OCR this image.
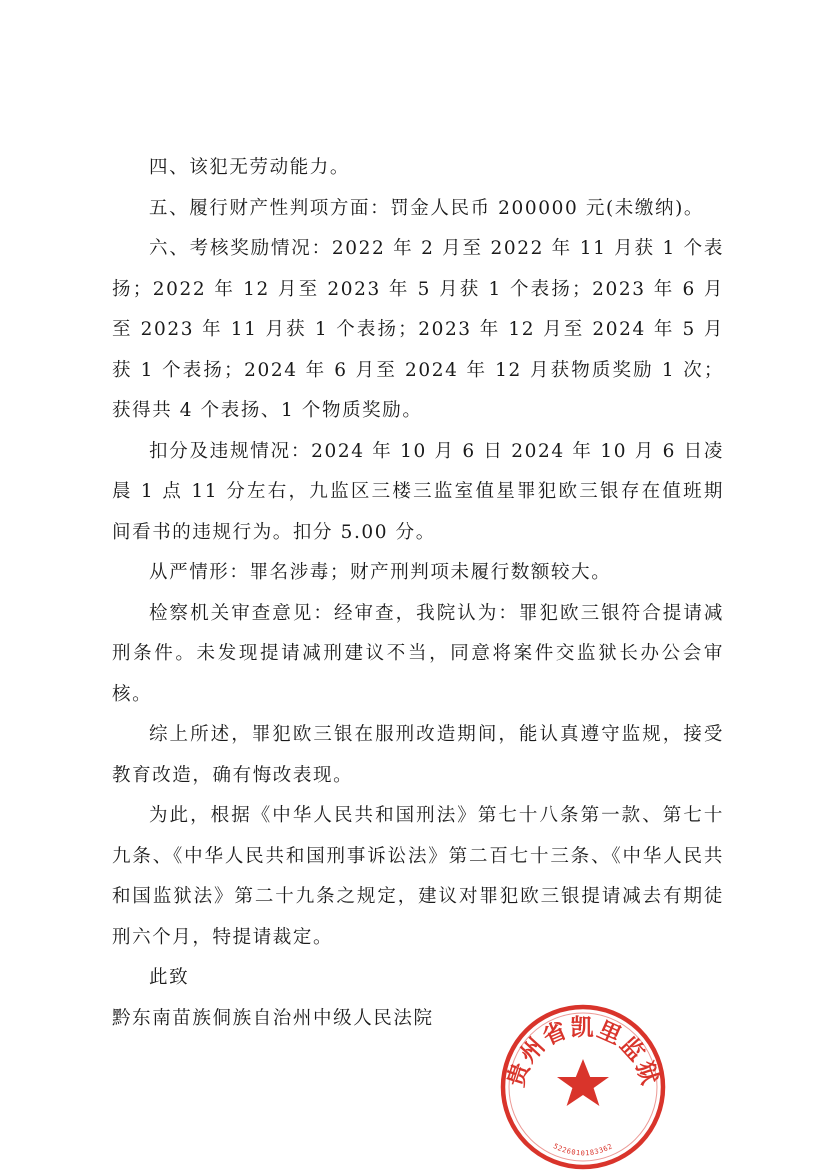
四、该犯无劳动能力。

五、履行财产性判项方面：罚金人民币 200000 元(未缴纳)。

六、考核奖励情况：2022 年 2 月至 2022 年 11 月获 1 个表扬；2022 年 12 月至 2023 年 5 月获 1 个表扬；2023 年 6 月至 2023 年 11 月获 1 个表扬；2023 年 12 月至 2024 年 5 月获 1 个表扬；2024 年 6 月至 2024 年 12 月获物质奖励 1 次；获得共 4 个表扬、1 个物质奖励。

扣分及违规情况：2024 年 10 月 6 日 2024 年 10 月 6 日凌晨 1 点 11 分左右，九监区三楼三监室值星罪犯欧三银存在值班期间看书的违规行为。扣分 5.00 分。

从严情形：罪名涉毒；财产刑判项未履行数额较大。

检察机关审查意见：经审查，我院认为：罪犯欧三银符合提请减刑条件。未发现提请减刑建议不当，同意将案件交监狱长办公会审核。

综上所述，罪犯欧三银在服刑改造期间，能认真遵守监规，接受教育改造，确有悔改表现。

为此，根据《中华人民共和国刑法》第七十八条第一款、第七十九条、《中华人民共和国刑事诉讼法》第二百七十三条、《中华人民共和国监狱法》第二十九条之规定，建议对罪犯欧三银提请减去有期徒刑六个月，特提请裁定。

此致

黔东南苗族侗族自治州中级人民法院

贵州省凯里监狱
5226010183362
